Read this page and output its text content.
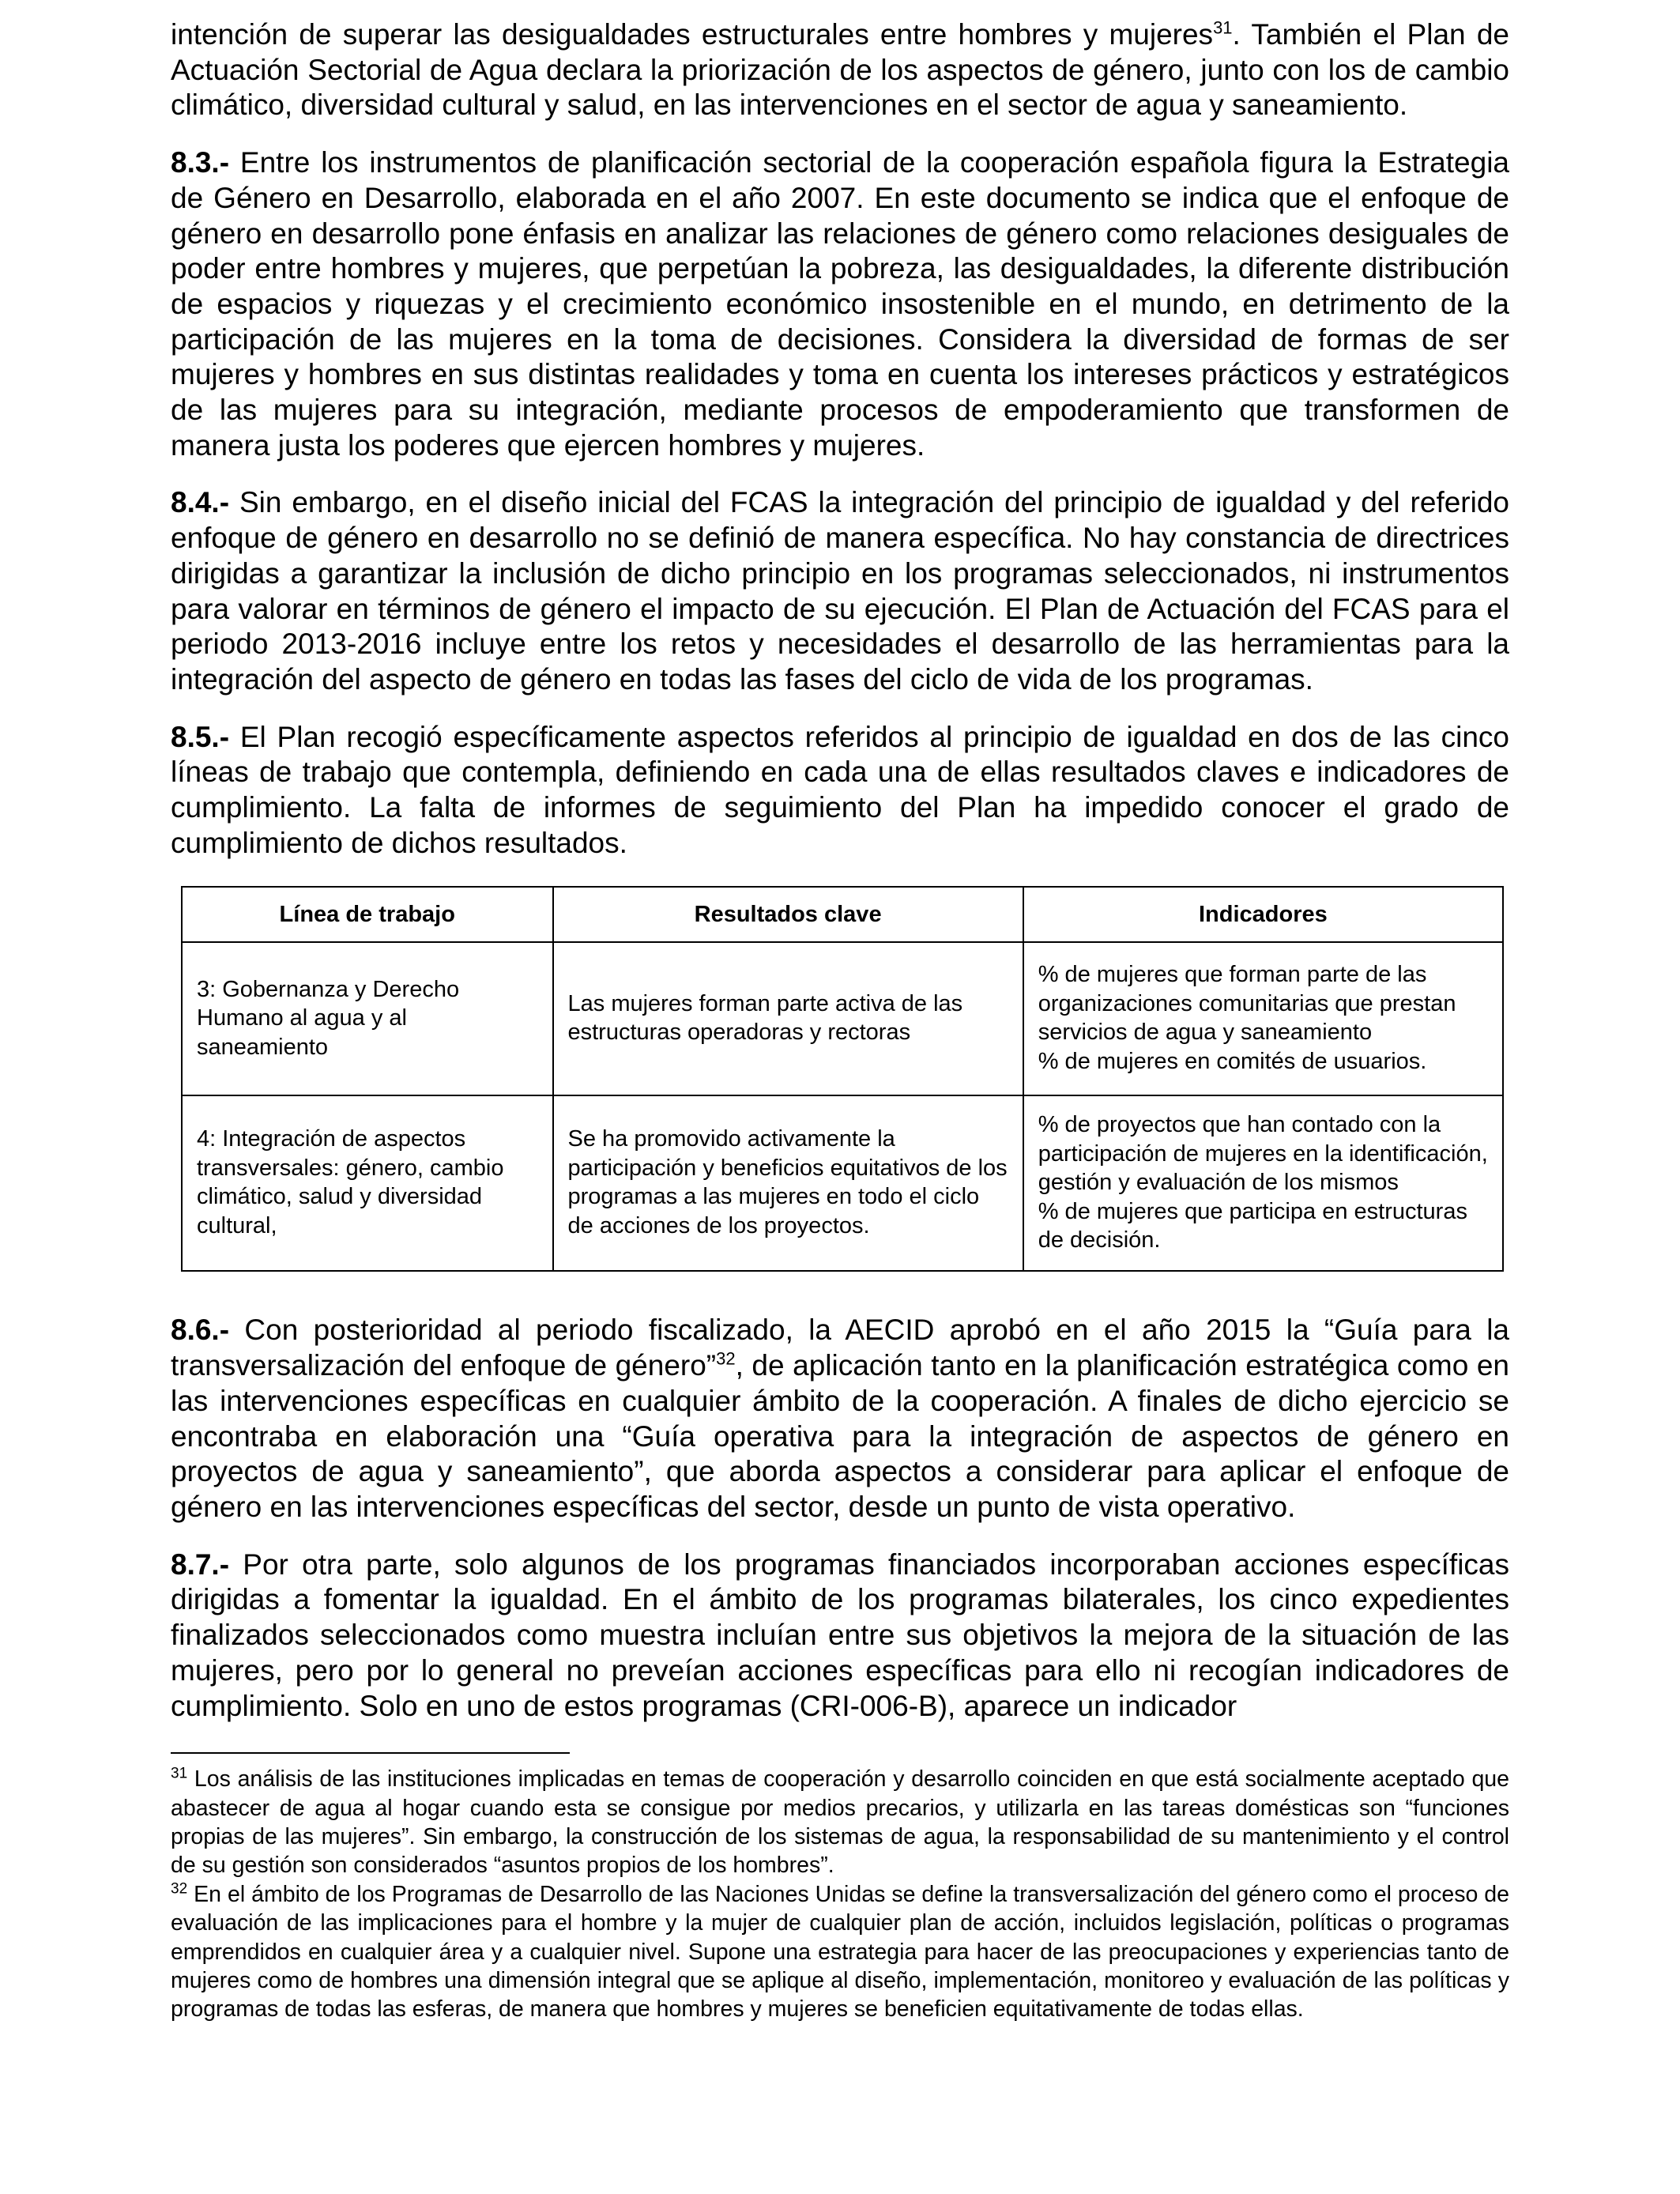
intención de superar las desigualdades estructurales entre hombres y mujeres$^{31}$. También el Plan de Actuación Sectorial de Agua declara la priorización de los aspectos de género, junto con los de cambio climático, diversidad cultural y salud, en las intervenciones en el sector de agua y saneamiento.

8.3.- Entre los instrumentos de planificación sectorial de la cooperación española figura la Estrategia de Género en Desarrollo, elaborada en el año 2007. En este documento se indica que el enfoque de género en desarrollo pone énfasis en analizar las relaciones de género como relaciones desiguales de poder entre hombres y mujeres, que perpetúan la pobreza, las desigualdades, la diferente distribución de espacios y riquezas y el crecimiento económico insostenible en el mundo, en detrimento de la participación de las mujeres en la toma de decisiones. Considera la diversidad de formas de ser mujeres y hombres en sus distintas realidades y toma en cuenta los intereses prácticos y estratégicos de las mujeres para su integración, mediante procesos de empoderamiento que transformen de manera justa los poderes que ejercen hombres y mujeres.

8.4.- Sin embargo, en el diseño inicial del FCAS la integración del principio de igualdad y del referido enfoque de género en desarrollo no se definió de manera específica. No hay constancia de directrices dirigidas a garantizar la inclusión de dicho principio en los programas seleccionados, ni instrumentos para valorar en términos de género el impacto de su ejecución. El Plan de Actuación del FCAS para el periodo 2013-2016 incluye entre los retos y necesidades el desarrollo de las herramientas para la integración del aspecto de género en todas las fases del ciclo de vida de los programas.

8.5.- El Plan recogió específicamente aspectos referidos al principio de igualdad en dos de las cinco líneas de trabajo que contempla, definiendo en cada una de ellas resultados claves e indicadores de cumplimiento. La falta de informes de seguimiento del Plan ha impedido conocer el grado de cumplimiento de dichos resultados.

Línea de trabajo	Resultados clave	Indicadores
3: Gobernanza y Derecho Humano al agua y al saneamiento	Las mujeres forman parte activa de las estructuras operadoras y rectoras	% de mujeres que forman parte de las organizaciones comunitarias que prestan servicios de agua y saneamiento
% de mujeres en comités de usuarios.

4: Integración de aspectos transversales: género, cambio climático, salud y diversidad cultural,	Se ha promovido activamente la participación y beneficios equitativos de los programas a las mujeres en todo el ciclo de acciones de los proyectos.	% de proyectos que han contado con la participación de mujeres en la identificación, gestión y evaluación de los mismos
% de mujeres que participa en estructuras de decisión.

8.6.- Con posterioridad al periodo fiscalizado, la AECID aprobó en el año 2015 la “Guía para la transversalización del enfoque de género”$^{32}$, de aplicación tanto en la planificación estratégica como en las intervenciones específicas en cualquier ámbito de la cooperación. A finales de dicho ejercicio se encontraba en elaboración una “Guía operativa para la integración de aspectos de género en proyectos de agua y saneamiento”, que aborda aspectos a considerar para aplicar el enfoque de género en las intervenciones específicas del sector, desde un punto de vista operativo.

8.7.- Por otra parte, solo algunos de los programas financiados incorporaban acciones específicas dirigidas a fomentar la igualdad. En el ámbito de los programas bilaterales, los cinco expedientes finalizados seleccionados como muestra incluían entre sus objetivos la mejora de la situación de las mujeres, pero por lo general no preveían acciones específicas para ello ni recogían indicadores de cumplimiento. Solo en uno de estos programas (CRI-006-B), aparece un indicador

$^{31}$ Los análisis de las instituciones implicadas en temas de cooperación y desarrollo coinciden en que está socialmente aceptado que abastecer de agua al hogar cuando esta se consigue por medios precarios, y utilizarla en las tareas domésticas son “funciones propias de las mujeres”. Sin embargo, la construcción de los sistemas de agua, la responsabilidad de su mantenimiento y el control de su gestión son considerados “asuntos propios de los hombres”.

$^{32}$ En el ámbito de los Programas de Desarrollo de las Naciones Unidas se define la transversalización del género como el proceso de evaluación de las implicaciones para el hombre y la mujer de cualquier plan de acción, incluidos legislación, políticas o programas emprendidos en cualquier área y a cualquier nivel. Supone una estrategia para hacer de las preocupaciones y experiencias tanto de mujeres como de hombres una dimensión integral que se aplique al diseño, implementación, monitoreo y evaluación de las políticas y programas de todas las esferas, de manera que hombres y mujeres se beneficien equitativamente de todas ellas.
